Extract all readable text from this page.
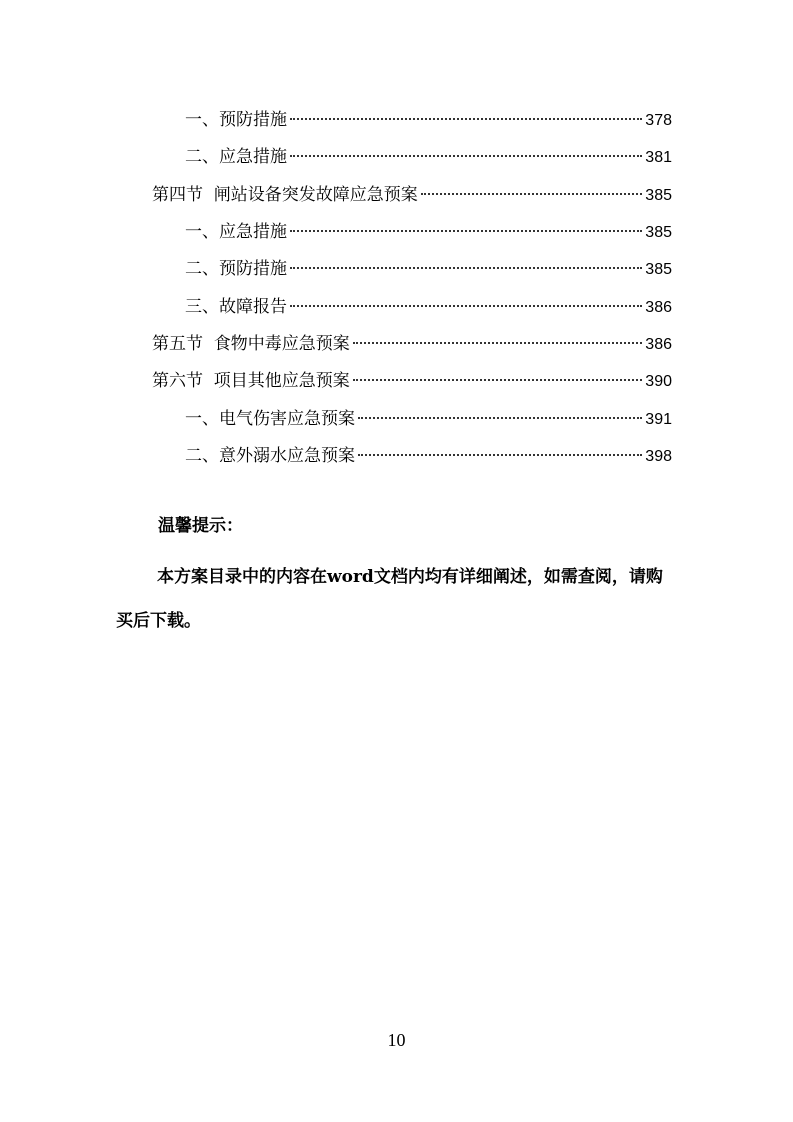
一、预防措施	378
二、应急措施	381
第四节  闸站设备突发故障应急预案	385
一、应急措施	385
二、预防措施	385
三、故障报告	386
第五节  食物中毒应急预案	386
第六节  项目其他应急预案	390
一、电气伤害应急预案	391
二、意外溺水应急预案	398
温馨提示：

本方案目录中的内容在word文档内均有详细阐述，如需查阅，请购买后下载。

10
